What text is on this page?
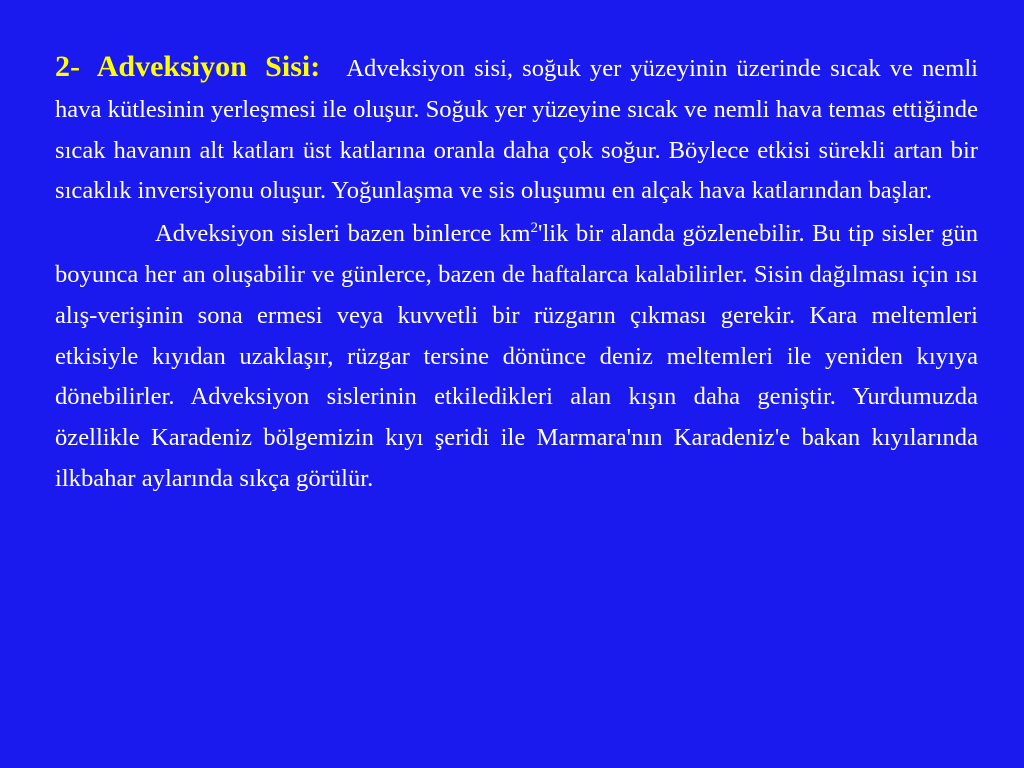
2- Adveksiyon Sisi: Adveksiyon sisi, soğuk yer yüzeyinin üzerinde sıcak ve nemli hava kütlesinin yerleşmesi ile oluşur. Soğuk yer yüzeyine sıcak ve nemli hava temas ettiğinde sıcak havanın alt katları üst katlarına oranla daha çok soğur. Böylece etkisi sürekli artan bir sıcaklık inversiyonu oluşur. Yoğunlaşma ve sis oluşumu en alçak hava katlarından başlar.

Adveksiyon sisleri bazen binlerce $km^2'lik$ bir alanda gözlenebilir. Bu tip sisler gün boyunca her an oluşabilir ve günlerce, bazen de haftalarca kalabilirler. Sisin dağılması için ısı alış-verişinin sona ermesi veya kuvvetli bir rüzgarın çıkması gerekir. Kara meltemleri etkisiyle kıyıdan uzaklaşır, rüzgar tersine dönünce deniz meltemleri ile yeniden kıyıya dönebilirler. Adveksiyon sislerinin etkiledikleri alan kışın daha geniştir. Yurdumuzda özellikle Karadeniz bölgemizin kıyı şeridi ile Marmara'nın Karadeniz'e bakan kıyılarında ilkbahar aylarında sıkça görülür.
